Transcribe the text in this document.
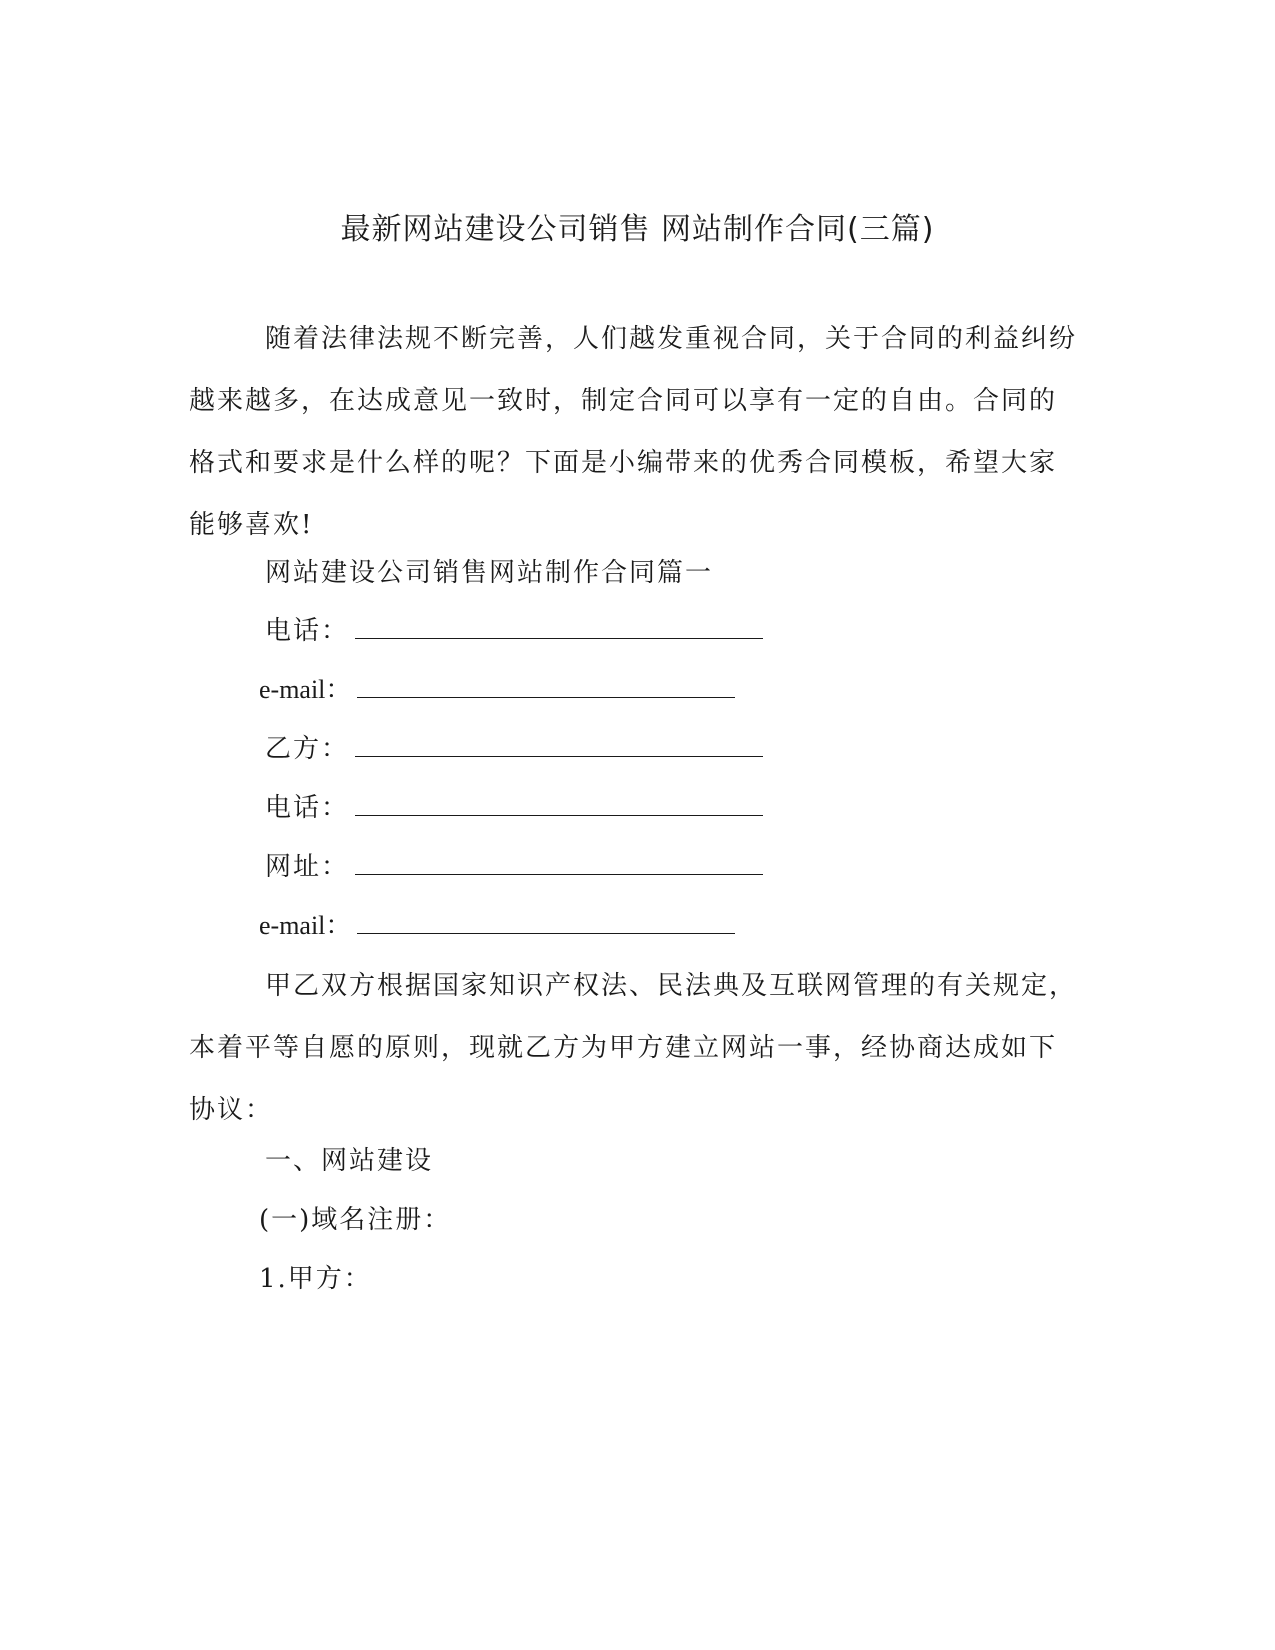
最新网站建设公司销售 网站制作合同(三篇)

随着法律法规不断完善，人们越发重视合同，关于合同的利益纠纷越来越多，在达成意见一致时，制定合同可以享有一定的自由。合同的格式和要求是什么样的呢？下面是小编带来的优秀合同模板，希望大家能够喜欢!

网站建设公司销售网站制作合同篇一
电话：
e-mail：
乙方：
电话：
网址：
e-mail：

甲乙双方根据国家知识产权法、民法典及互联网管理的有关规定，本着平等自愿的原则，现就乙方为甲方建立网站一事，经协商达成如下协议：

一、网站建设
(一)域名注册：
1.甲方：
